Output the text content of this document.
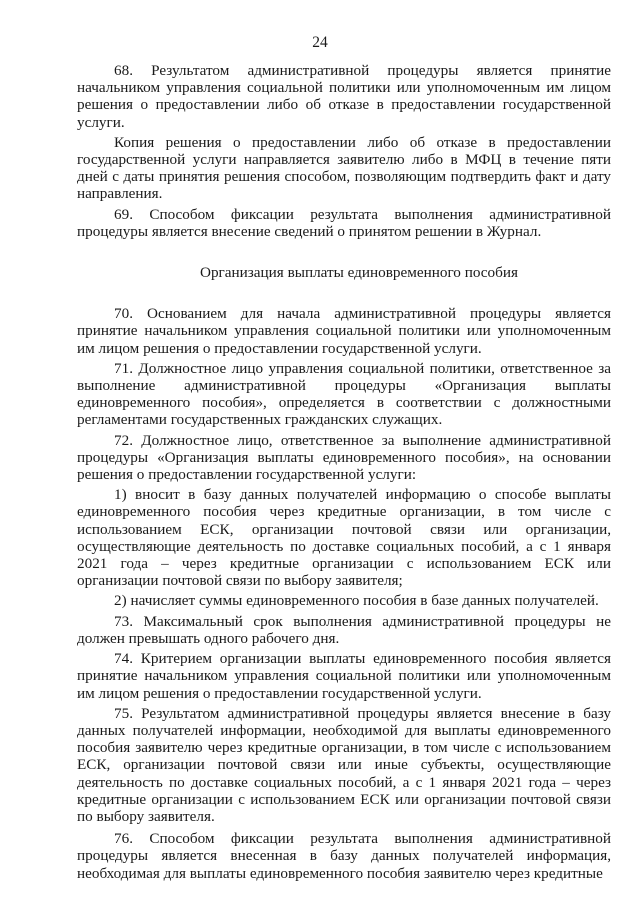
24

68. Результатом административной процедуры является принятие начальником управления социальной политики или уполномоченным им лицом решения о предоставлении либо об отказе в предоставлении государственной услуги.

Копия решения о предоставлении либо об отказе в предоставлении государственной услуги направляется заявителю либо в МФЦ в течение пяти дней с даты принятия решения способом, позволяющим подтвердить факт и дату направления.

69. Способом фиксации результата выполнения административной процедуры является внесение сведений о принятом решении в Журнал.

Организация выплаты единовременного пособия

70. Основанием для начала административной процедуры является принятие начальником управления социальной политики или уполномоченным им лицом решения о предоставлении государственной услуги.

71. Должностное лицо управления социальной политики, ответственное за выполнение административной процедуры «Организация выплаты единовременного пособия», определяется в соответствии с должностными регламентами государственных гражданских служащих.

72. Должностное лицо, ответственное за выполнение административной процедуры «Организация выплаты единовременного пособия», на основании решения о предоставлении государственной услуги:

1) вносит в базу данных получателей информацию о способе выплаты единовременного пособия через кредитные организации, в том числе с использованием ЕСК, организации почтовой связи или организации, осуществляющие деятельность по доставке социальных пособий, а с 1 января 2021 года – через кредитные организации с использованием ЕСК или организации почтовой связи по выбору заявителя;

2) начисляет суммы единовременного пособия в базе данных получателей.

73. Максимальный срок выполнения административной процедуры не должен превышать одного рабочего дня.

74. Критерием организации выплаты единовременного пособия является принятие начальником управления социальной политики или уполномоченным им лицом решения о предоставлении государственной услуги.

75. Результатом административной процедуры является внесение в базу данных получателей информации, необходимой для выплаты единовременного пособия заявителю через кредитные организации, в том числе с использованием ЕСК, организации почтовой связи или иные субъекты, осуществляющие деятельность по доставке социальных пособий, а с 1 января 2021 года – через кредитные организации с использованием ЕСК или организации почтовой связи по выбору заявителя.

76. Способом фиксации результата выполнения административной процедуры является внесенная в базу данных получателей информация, необходимая для выплаты единовременного пособия заявителю через кредитные
